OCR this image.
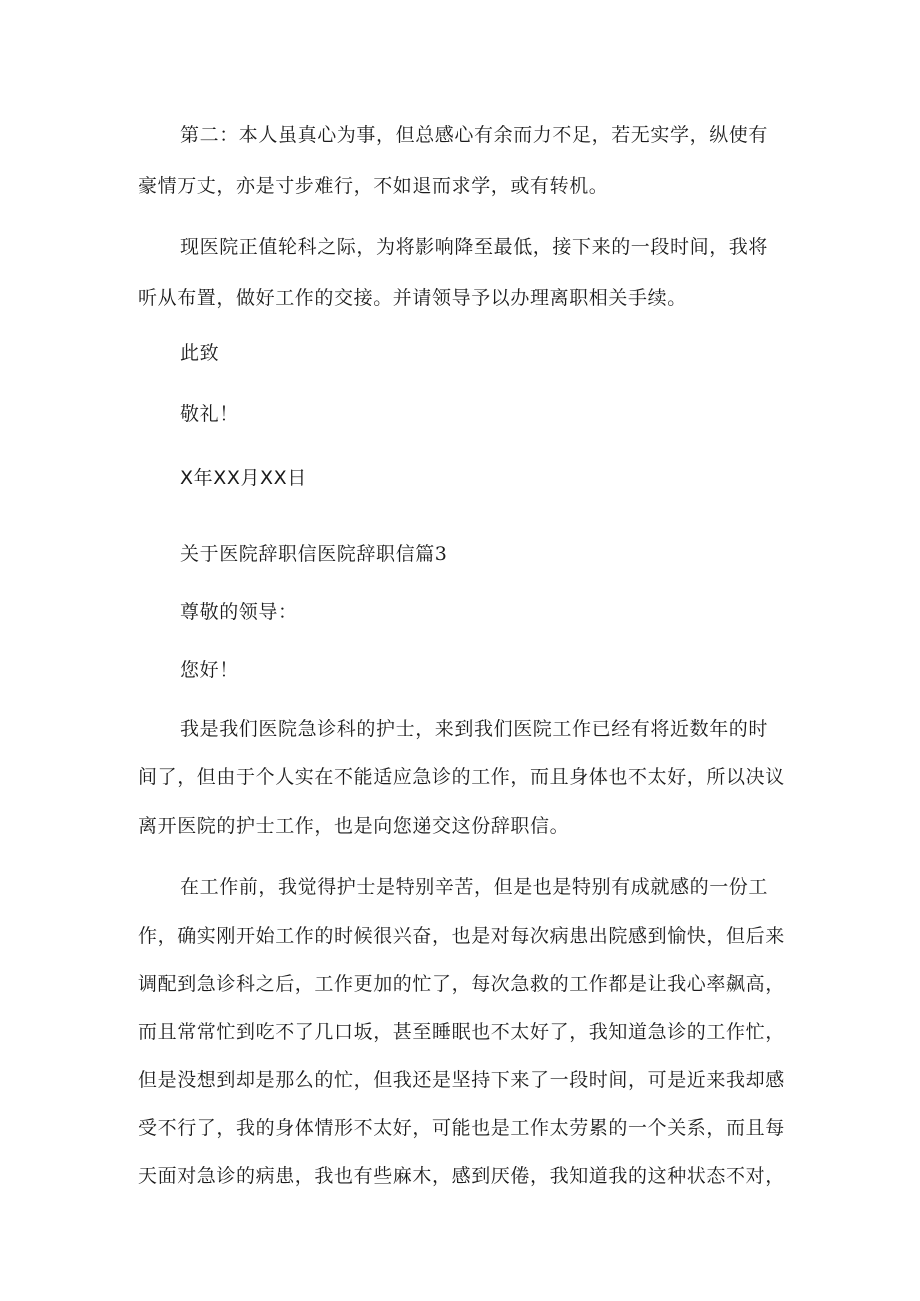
第二：本人虽真心为事，但总感心有余而力不足，若无实学，纵使有
豪情万丈，亦是寸步难行，不如退而求学，或有转机。
现医院正值轮科之际，为将影响降至最低，接下来的一段时间，我将
听从布置，做好工作的交接。并请领导予以办理离职相关手续。
此致
敬礼！
X年XX月XX日
关于医院辞职信医院辞职信篇3
尊敬的领导：
您好！
我是我们医院急诊科的护士，来到我们医院工作已经有将近数年的时
间了，但由于个人实在不能适应急诊的工作，而且身体也不太好，所以决议
离开医院的护士工作，也是向您递交这份辞职信。
在工作前，我觉得护士是特别辛苦，但是也是特别有成就感的一份工
作，确实刚开始工作的时候很兴奋，也是对每次病患出院感到愉快，但后来
调配到急诊科之后，工作更加的忙了，每次急救的工作都是让我心率飙高，
而且常常忙到吃不了几口坂，甚至睡眠也不太好了，我知道急诊的工作忙，
但是没想到却是那么的忙，但我还是坚持下来了一段时间，可是近来我却感
受不行了，我的身体情形不太好，可能也是工作太劳累的一个关系，而且每
天面对急诊的病患，我也有些麻木，感到厌倦，我知道我的这种状态不对，
